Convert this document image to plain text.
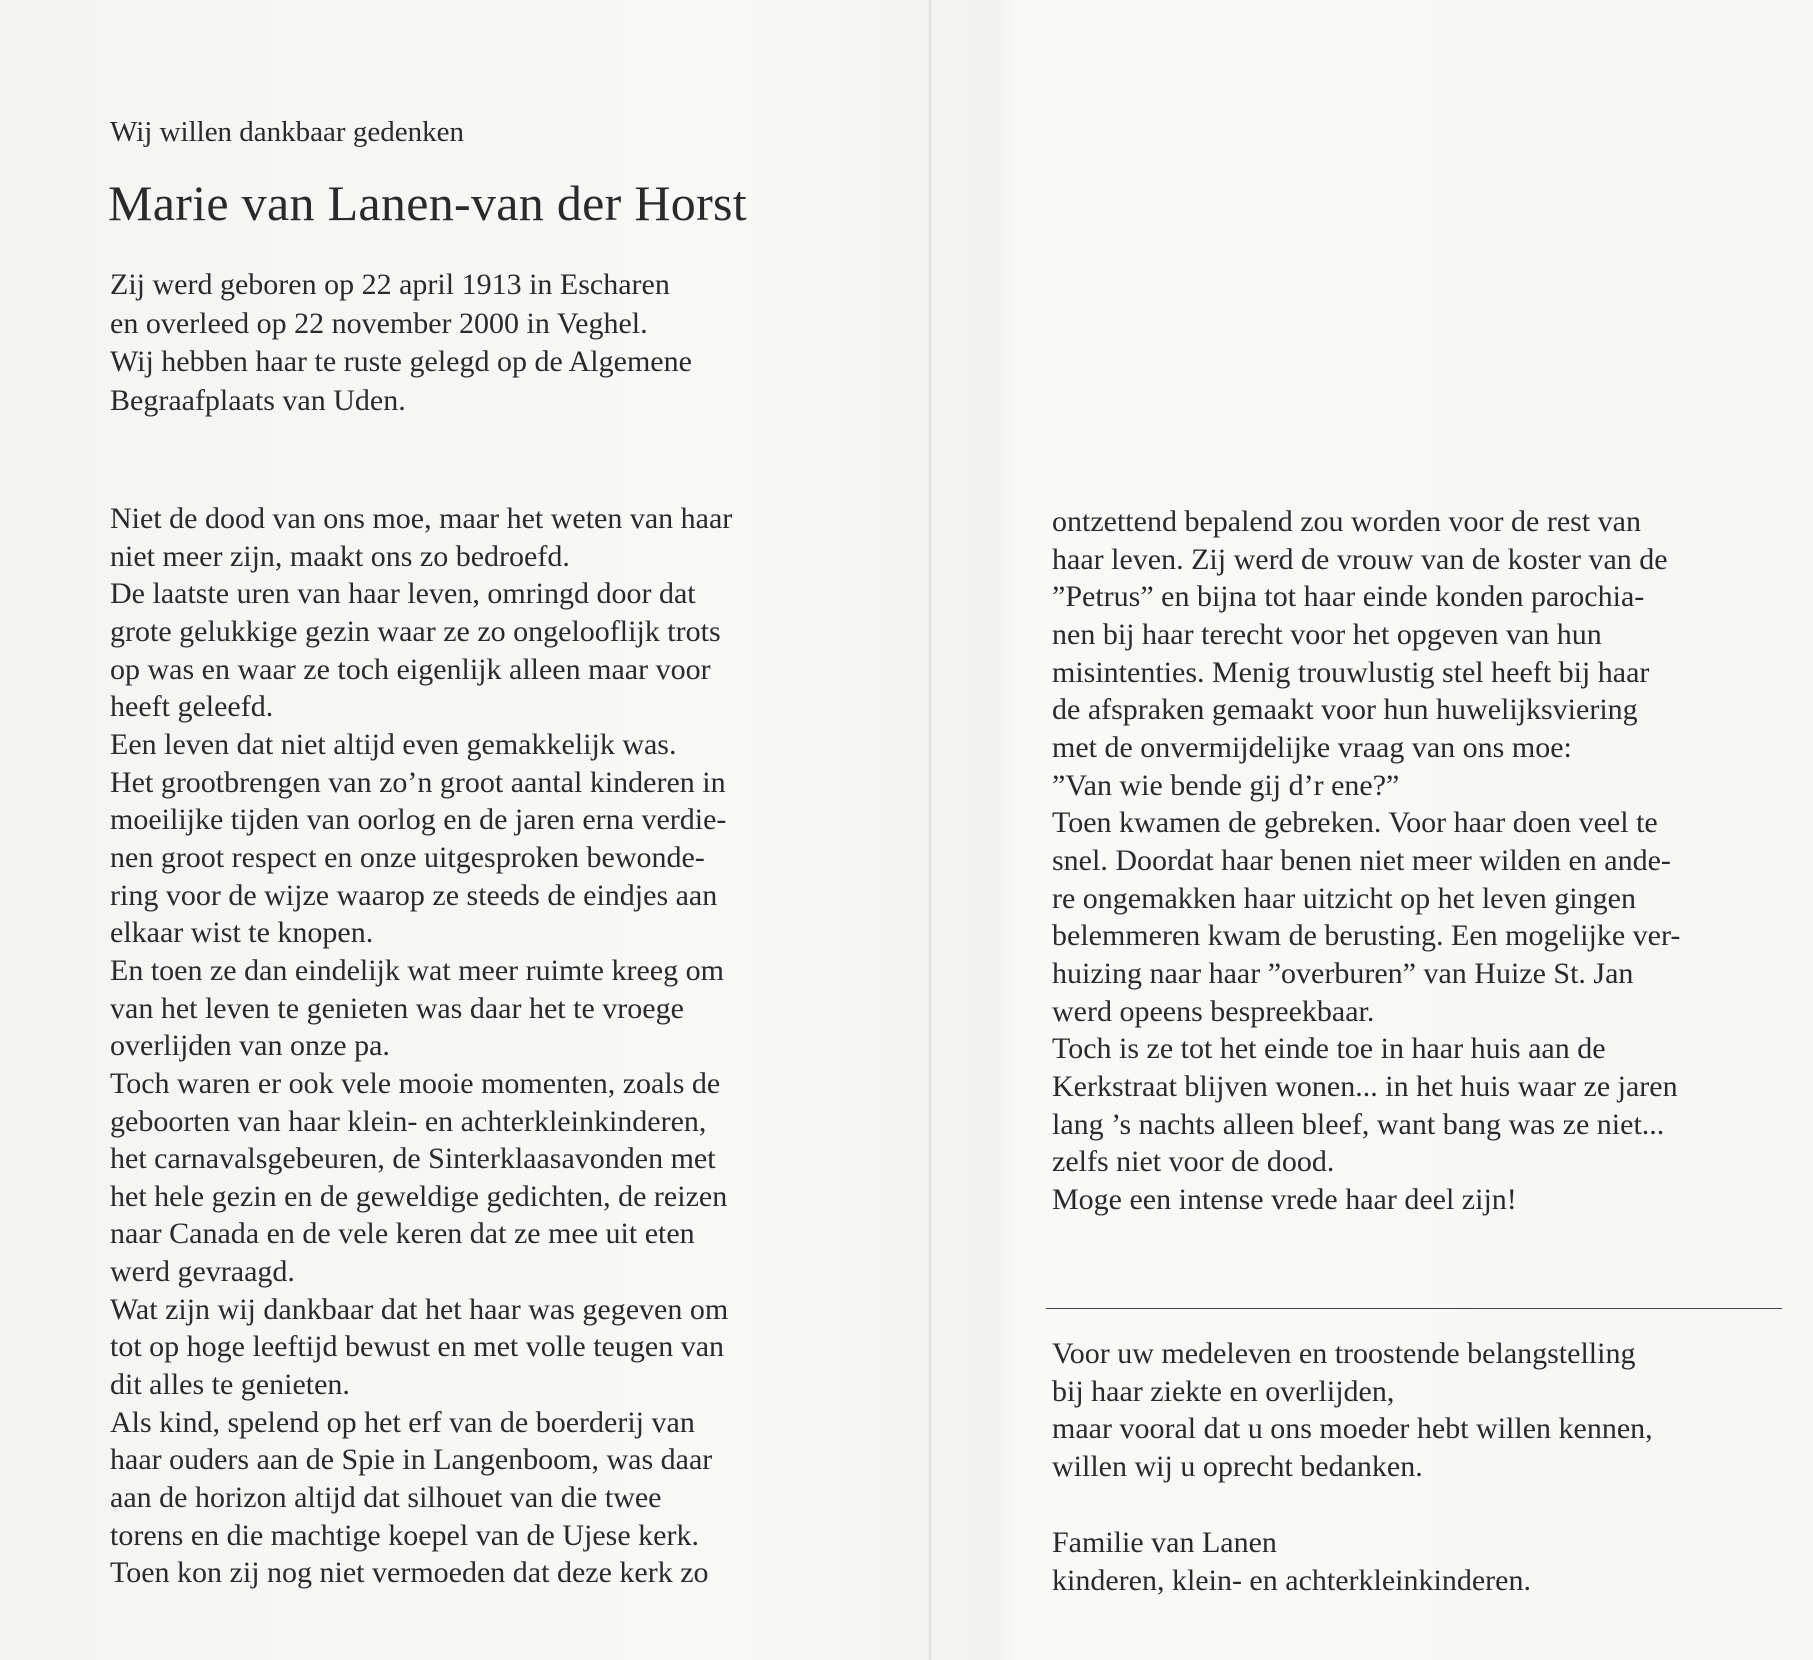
Wij willen dankbaar gedenken
Marie van Lanen-van der Horst
Zij werd geboren op 22 april 1913 in Escharen
en overleed op 22 november 2000 in Veghel.
Wij hebben haar te ruste gelegd op de Algemene
Begraafplaats van Uden.
Niet de dood van ons moe, maar het weten van haar
niet meer zijn, maakt ons zo bedroefd.
De laatste uren van haar leven, omringd door dat
grote gelukkige gezin waar ze zo ongelooflijk trots
op was en waar ze toch eigenlijk alleen maar voor
heeft geleefd.
Een leven dat niet altijd even gemakkelijk was.
Het grootbrengen van zo’n groot aantal kinderen in
moeilijke tijden van oorlog en de jaren erna verdie-
nen groot respect en onze uitgesproken bewonde-
ring voor de wijze waarop ze steeds de eindjes aan
elkaar wist te knopen.
En toen ze dan eindelijk wat meer ruimte kreeg om
van het leven te genieten was daar het te vroege
overlijden van onze pa.
Toch waren er ook vele mooie momenten, zoals de
geboorten van haar klein- en achterkleinkinderen,
het carnavalsgebeuren, de Sinterklaasavonden met
het hele gezin en de geweldige gedichten, de reizen
naar Canada en de vele keren dat ze mee uit eten
werd gevraagd.
Wat zijn wij dankbaar dat het haar was gegeven om
tot op hoge leeftijd bewust en met volle teugen van
dit alles te genieten.
Als kind, spelend op het erf van de boerderij van
haar ouders aan de Spie in Langenboom, was daar
aan de horizon altijd dat silhouet van die twee
torens en die machtige koepel van de Ujese kerk.
Toen kon zij nog niet vermoeden dat deze kerk zo
ontzettend bepalend zou worden voor de rest van
haar leven. Zij werd de vrouw van de koster van de
”Petrus” en bijna tot haar einde konden parochia-
nen bij haar terecht voor het opgeven van hun
misintenties. Menig trouwlustig stel heeft bij haar
de afspraken gemaakt voor hun huwelijksviering
met de onvermijdelijke vraag van ons moe:
”Van wie bende gij d’r ene?”
Toen kwamen de gebreken. Voor haar doen veel te
snel. Doordat haar benen niet meer wilden en ande-
re ongemakken haar uitzicht op het leven gingen
belemmeren kwam de berusting. Een mogelijke ver-
huizing naar haar ”overburen” van Huize St. Jan
werd opeens bespreekbaar.
Toch is ze tot het einde toe in haar huis aan de
Kerkstraat blijven wonen... in het huis waar ze jaren
lang ’s nachts alleen bleef, want bang was ze niet...
zelfs niet voor de dood.
Moge een intense vrede haar deel zijn!
Voor uw medeleven en troostende belangstelling
bij haar ziekte en overlijden,
maar vooral dat u ons moeder hebt willen kennen,
willen wij u oprecht bedanken.
Familie van Lanen
kinderen, klein- en achterkleinkinderen.
